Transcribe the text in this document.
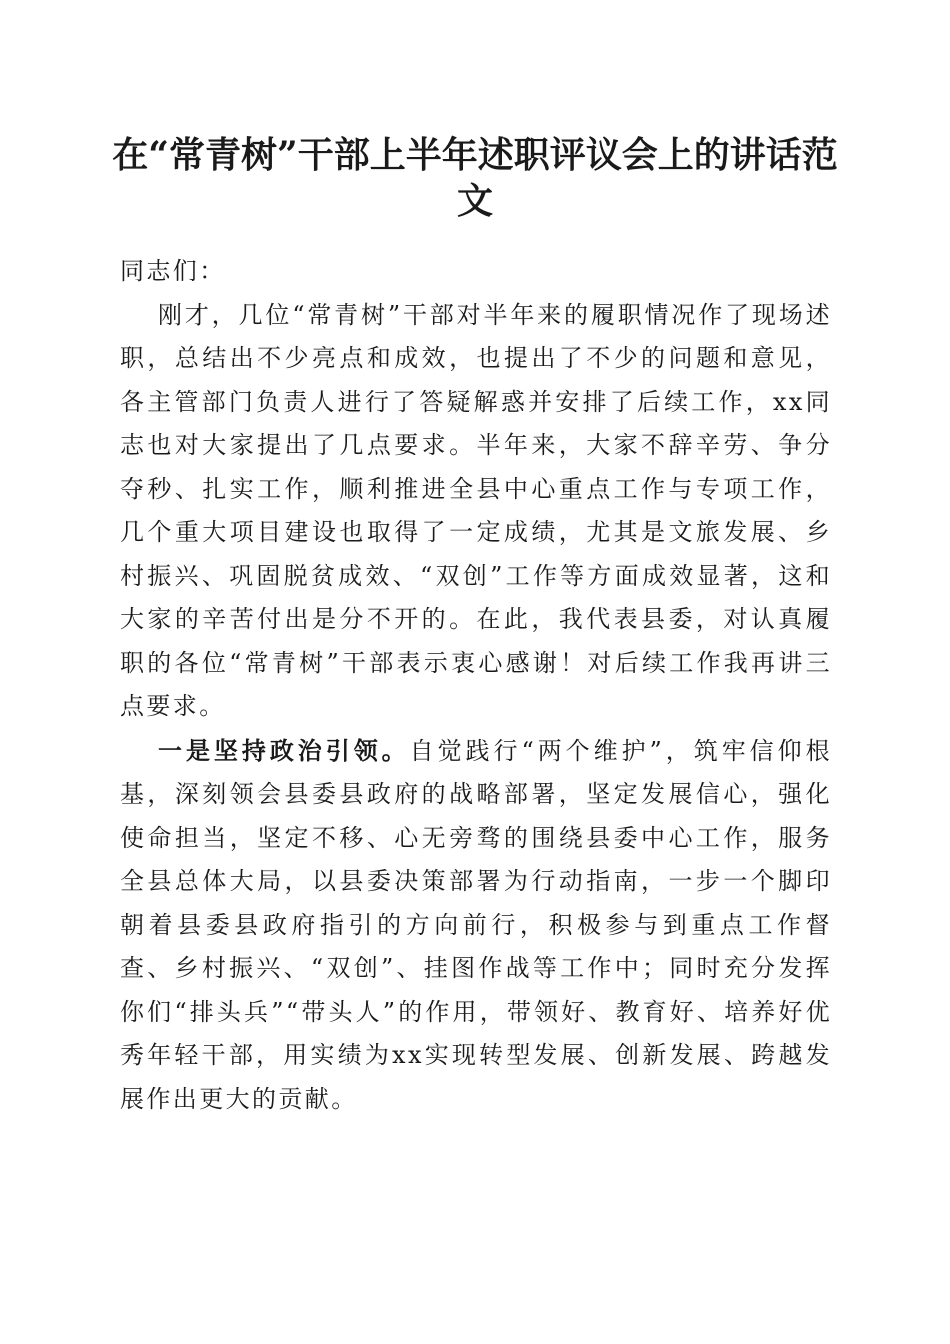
在“常青树”干部上半年述职评议会上的讲话范文

同志们：

刚才，几位“常青树”干部对半年来的履职情况作了现场述职，总结出不少亮点和成效，也提出了不少的问题和意见，各主管部门负责人进行了答疑解惑并安排了后续工作，xx同志也对大家提出了几点要求。半年来，大家不辞辛劳、争分夺秒、扎实工作，顺利推进全县中心重点工作与专项工作，几个重大项目建设也取得了一定成绩，尤其是文旅发展、乡村振兴、巩固脱贫成效、“双创”工作等方面成效显著，这和大家的辛苦付出是分不开的。在此，我代表县委，对认真履职的各位“常青树”干部表示衷心感谢！对后续工作我再讲三点要求。

一是坚持政治引领。自觉践行“两个维护”，筑牢信仰根基，深刻领会县委县政府的战略部署，坚定发展信心，强化使命担当，坚定不移、心无旁骛的围绕县委中心工作，服务全县总体大局，以县委决策部署为行动指南，一步一个脚印朝着县委县政府指引的方向前行，积极参与到重点工作督查、乡村振兴、“双创”、挂图作战等工作中；同时充分发挥你们“排头兵”“带头人”的作用，带领好、教育好、培养好优秀年轻干部，用实绩为xx实现转型发展、创新发展、跨越发展作出更大的贡献。
